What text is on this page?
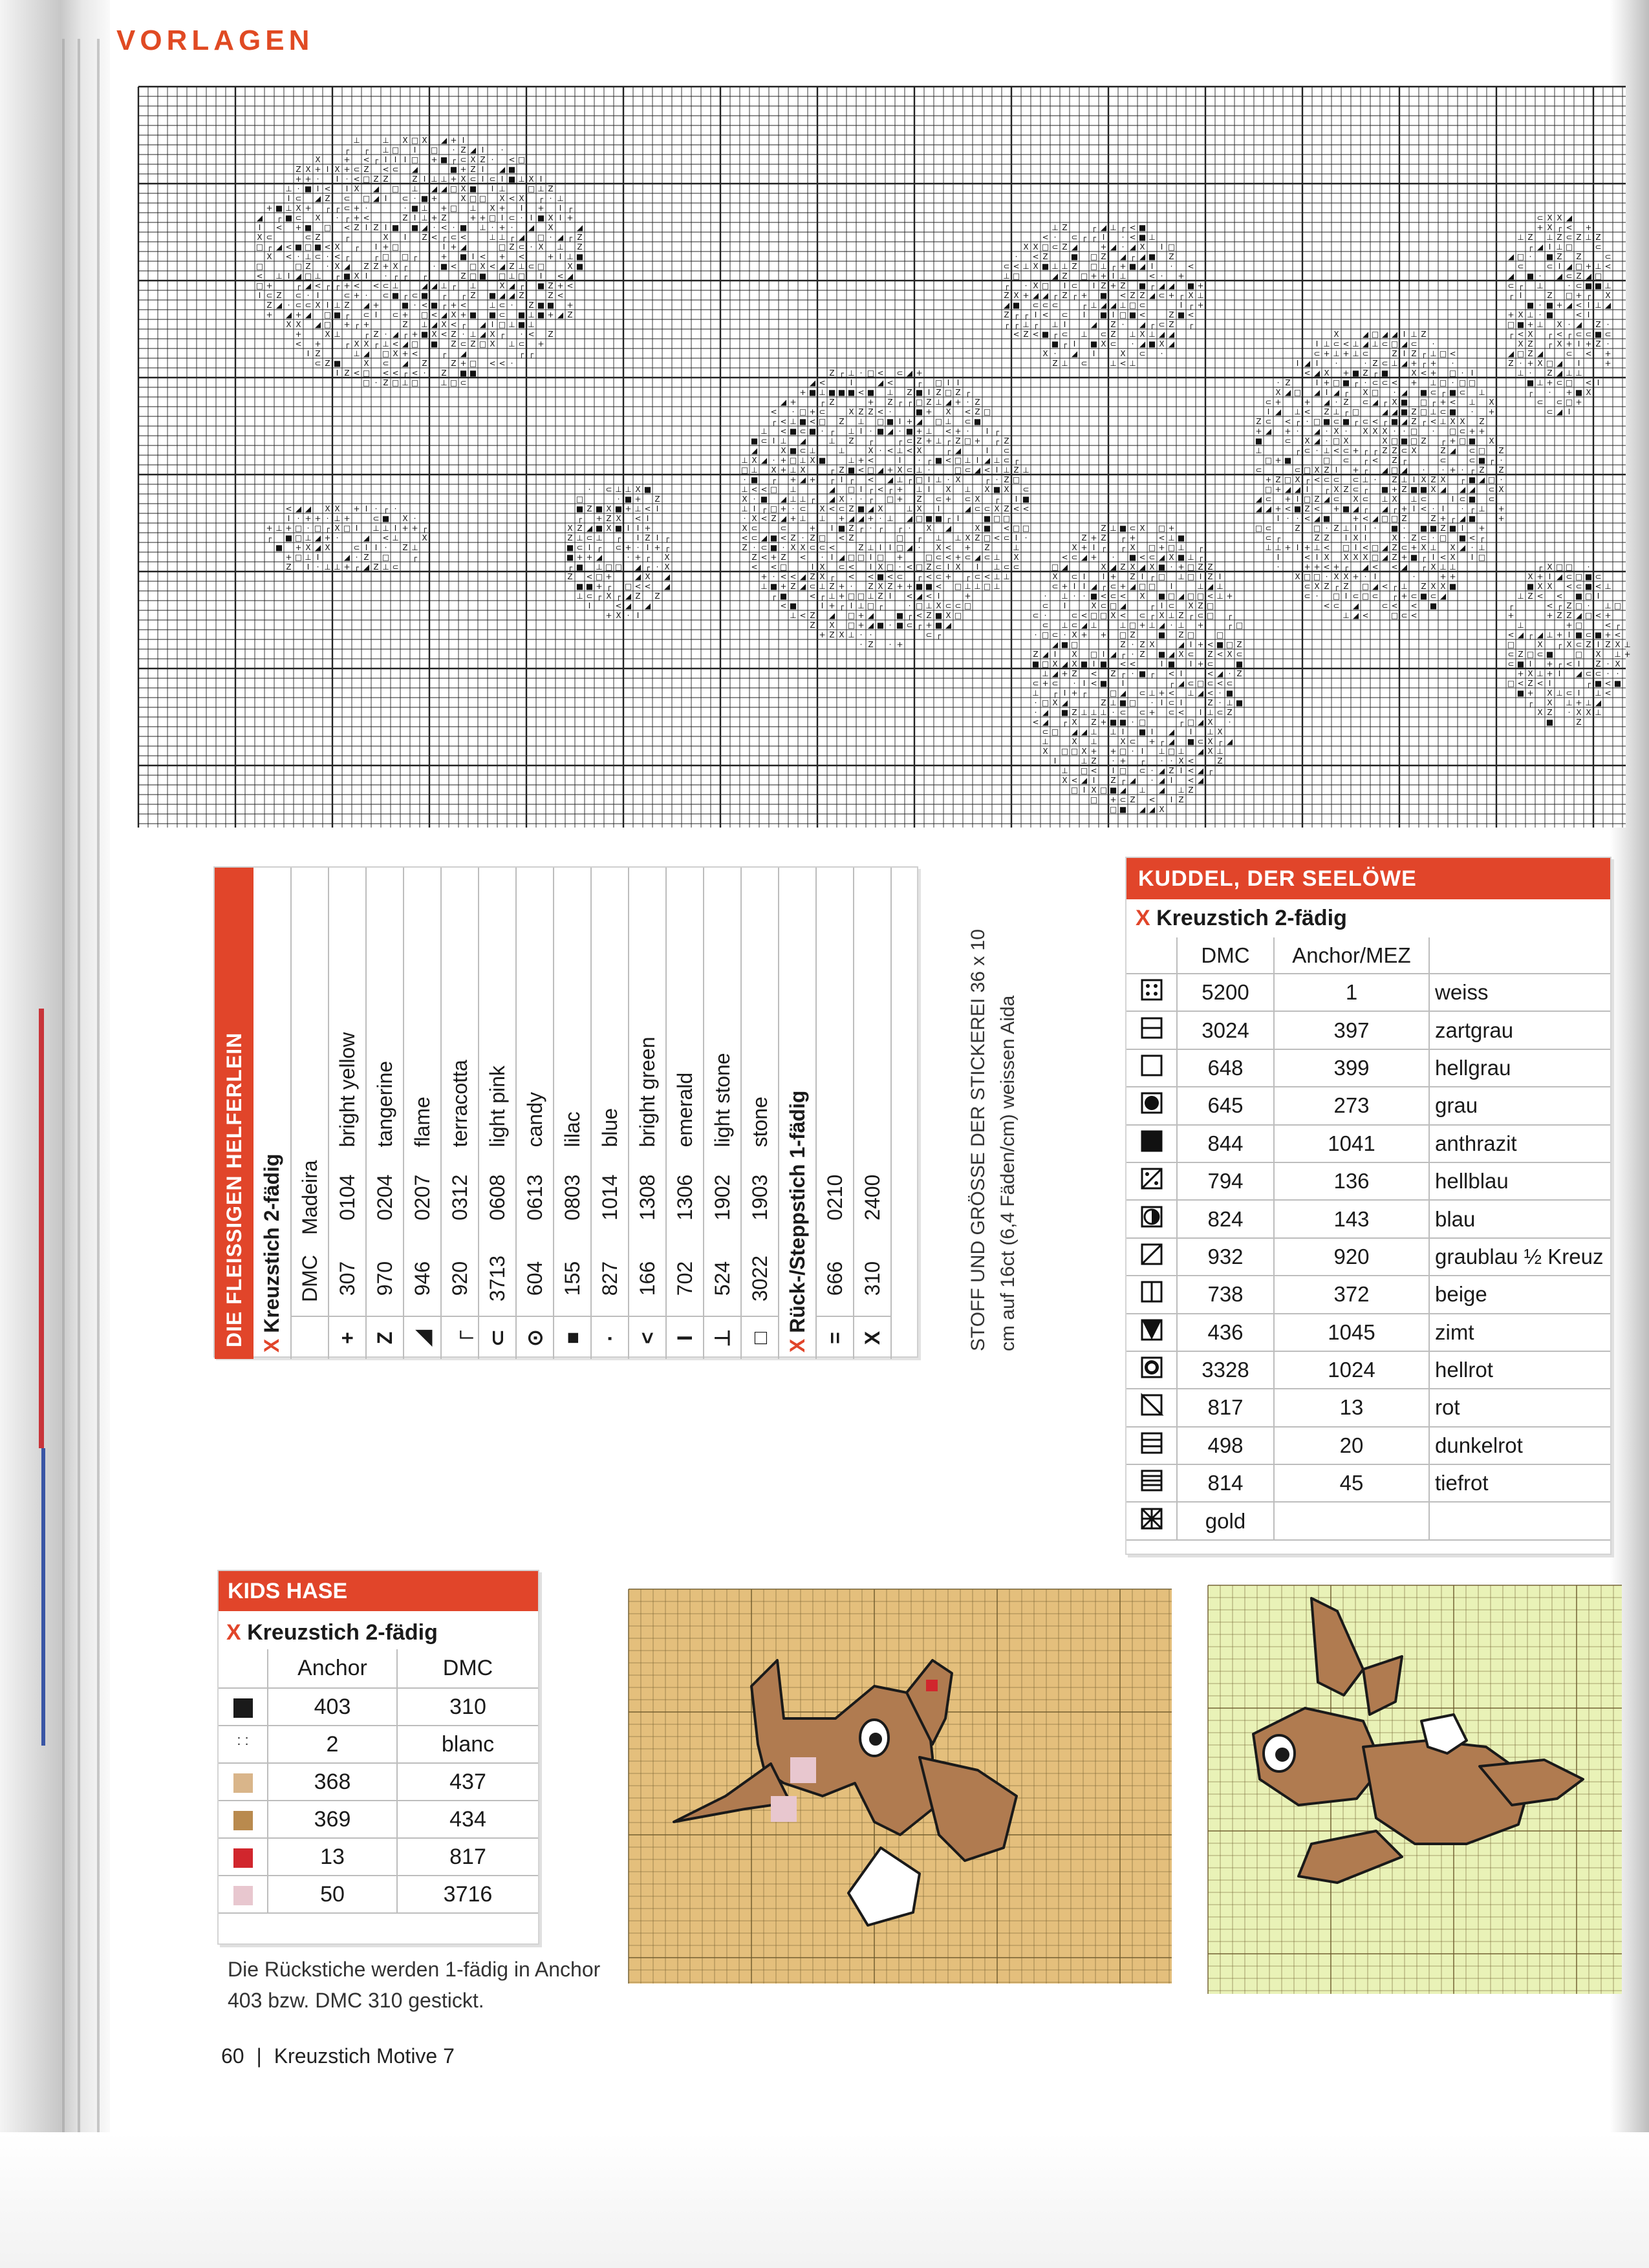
VORLAGEN
⊥	⊥ X □ X ◢ + I
┌ ┌ ⊥ □ I □ · Z ◢ I ·
X	+ < ┌ I I I □ + ■ ┌ ⊂ X Z · < □
Z X + I X + ⊂ Z < ⊂ ◢	■ + Z I ◢ ■
+ + · I · < □ Z Z	Z I ⊥ ⊥ + X ⊂ I ⊂ I ■ ⊥ X I
⊥ · ■ I < I X ◢ □ ⊥ ◢ ◢ □ X ■ I ⊥	□ ⊥ Z
I ⊂ ◢ Z ⊂ □ ◢ I ⊂ · ■ +	X □ □ X < X ┌ · ⊥
+ ■ ⊥ X + ┌ ┌ ⊂ + ·	· ■ ⊥ + □ ⊥ X + I + I ┌
◢ ┌ ■ ⊂ X · ┌ + <	Z I ⊥ + Z	+ + □ I ⊂ · I ■ X I +
I < + ■ □ < Z I Z I ■ ■ ◢ · < · ■ ⊥ · + · ◢ X	◢
X ⊂	⊂ Z	┌	X I Z < ┌ ⊂ <	⊥ ⊥ ┌ ◢ □ · ◢ ┌ Z
□ ┌ ◢ < ■ □ ■ < X ┌ I + □	I + ◢	□ Z ⊂ · X ⊥ Z
X < · ⊥ ⊂ · < ┌	┌ □ □ ┌	+ ■ I < + <	+ I ⊥ ■
□	□ Z · X ◢ Z Z + X ┌	· ■ < □ X < ◢ Z ⊥ ⊂ □	X ■
< ⊥ I ◢ □ ⊥ ┌ ■ X I · ┌ ┌ ┌	Z □ ■ □ ⊥ □ I < ◢
□ +	┌ ◢ < ┌ ┌ + < < ⊂ ⊥	◢ ◢ ⊥ ┌ ⊥	X ◢ ┌ ■ Z + <
I ⊂ Z ⊂ · I	⊂ + · ⊂ ■ ┌ ⊂ ■ ┌ ┌ Z ■ ◢ ◢ Z	Z <
Z ◢ · ⊂ ⊂ X I ⊥ Z ◢ +	■ · < ■ ┌ + <	⊥ ⊂ · Z ■ ■ +
+ ◢ + ◢ □ ■ ┌ ⊂ I ⊂ + □ < ◢ X + ■ ■ ⊂ ■ ⊥ ■ + ◢ Z
X X ◢ □ + ┌ +	Z ⊥ ◢ X < ┌ ◢ I □ ⊥ ■ ⊥
+	X ⊥	┌ Z · ◢ ┌ + ■ X < Z · ⊥ ◢ X ┌ · < Z
< +	┌ X X ┌ ⊥ < ◢ □ ■ Z ⊂ Z □ X ⊥ ⊂ +
I Z	⊥ ◢ □ X + <	┌ ◢	┌ ┌
⊂ Z ■	X ⊂ ◢ Z	Z + □ < < ·
I Z < □ < < ┌ < · Z ■ ■
□ · Z □ ⊥ □	⊥ □ ⊂
< ◢ ◢ X X + I · ┌ ·
I · + + · ⊥ +	⊂ ■ X ·
+ ⊥ + □ · □ ┌ X □ I ⊥ ⊥ I + + ┌
┌ ■ □ ⊥ ◢ + ·	◢ < ⊥	X
■ + X ◢ X	⊂ I I · Z ⊥
+ □ ⊥ I	◢ · Z □	┌
Z I · ⊥ ⊥ + ┌ ◢ Z ⊥ ⊂
· ⊂ ⊥ ⊥ X ■
□	· ■ + Z
■ Z ■ X ■ + ⊥ < I
┌ + Z X < I
X Z ◢ ■ X ■ I I +
Z ⊥ ⊂ ⊥ ┌ I Z I ┌
■ ⊂ I ┌ ⊂ + · I + ┌
■ + + ◢	· + ┌ X
┌ ■ ⊥ □ □ ◢ ┌ · X
Z < □ +	◢ X ◢
■ ■ + ┌ □ < < ◢
⊥ ⊂ ┌ X ┌ ◢ Z Z
I	< ◢ ◢
+ X · I
Z ┌ ⊥ · □ < ⊂ ◢ +
◢ <	I	◢ <	┌ □ I I
+ ■ ⊥ ■ ■ ■ < ■ ⊥ Z ■ I Z □ Z ┌
◢ +	┌ Z	+ Z ┌ ┌ □ Z ⊥ ◢ + · Z
< · □ + ⊂	X Z Z < ·	■ + X < Z □
┌ < ⊥ ■ < □ Z ⊥ □ ■ I + ◢ □ ⊥ ⊂ ■
⊥ < ■ ⊂ ■ · ┌ ⊥ I · ■ ◢ · ■ + ⊥ < + · I ┌
■ ⊂ I ⊥ ◢	⊥ Z ┌	┌ ⊂ Z + ⊥ ┌ Z □ + ┌ Z
◢	X ■ ⊂ ⊥	⊥	X · < ⊥ < X	┌ ◢	I ⊂
⊥ X ◢ · + □ ⊥ X ■	⊥ + <	I · ┌ ■ < □ ⊥ I ◢ ⊥ ⊂ ┌
□ ⊥ X + ⊥ X	┌ Z ■ < □ ◢ + X ⊂ ⊥ ·	□ ⊂ ◢ < I ⊥ Z ⊥
· ■ ┌ + ◢ + ┌ I ┌ < ◢ ⊥ ┌ □ I ⊥ · X	┌ · Z □
⊥ < < □ ⊥	◢ □ I ┌ < ┌ + ⊥ I X ⊥ X ■ X ⊂
X · ■ ◢ ⊥ ⊥ ┌ ◢ X · · ┌ □ + Z ⊂ + ⊂ X ┌ I ■
⊥ I ┌ □ + · ⊂ X < ⊂ Z ■ ◢ X	⊥ X I	◢ ⊂ ⊂ X Z < <
· X < Z ◢ + ⊥ ⊥ + ◢ ◢ + · ⊥ ◢ □ ■ ■ ┌ I	■ □ □
X ⊂	⊂	+ I ■ Z ┌ · ┌ ┌ · X ◢	X ■ < □ □
< ⊂ ◢ ■ < Z · Z □ < Z	□ ┌ ⊥ ⊥ X Z □ < ⊂ I ·
Z · ⊂ ■ · X X ⊂ ⊂ <	Z ⊥ I I □ ◢ · X < + Z	⊥
Z < + Z < · I ◢ □ □ I □ +	□ ⊂ < + ⊂ ◢ ⊂ ⊥ X
< < □	I X ⊂ < I X □ · < □ Z ⊂ I X I ⊥ ⊂ ⊂
+ · < < ◢ Z X ┌ < < ■ < ⊂ ┌ < ⊂ + ┌ ⊂ < ⊥ ⊥
⊥ ■ + Z ◢ ⊂ ⊥ Z + · Z X Z + + ■ ■ < □ ⊥ ⊥ □ ⊥
┌ ■	< ┌ ⊥ + □ □ ⊥ Z I < ◢ < I	+
< ■	I + ┌ I ⊥ □ ┌	· □ ⊥ X ⊂ ⊂ □
⊥ < Z ◢ □ + ◢	■ ┌ < Z ■ X □
Z X □ + ◢ ■ · ■ ⊂ ┌ + ■ ◢
+ Z X ⊥ · ·	⊂ ┌
· Z · +
⊥ Z	┌ ◢ ⊥ ┌ < ■
< · ⊂ ┌ ┌ I · < ■ ⊥
X X □ ⊂ Z ◢	+ ◢ · ◢ X I □
· < Z	■ □ Z ◢ ┌ ◢ ■ Z
⊂ < ⊥ X ■ ⊥ ⊥ Z □ ⊥ ┌ + ■ ◢ I · <
⊥ □	◢ Z □ + + I ⊥	< · +
┌ · X □ I ⊂ I Z + Z ■ ┌ ◢ ◢ ■ +
Z X + ◢ ◢ ┌ Z ┌ + ■ < Z Z ◢ ⊂ + ┌ X ⊥
◢ ■ ⊂ ⊂ ⊂	┌ ⊥ ◢ ◢ ⊥ □ ⊂	I ┌ +
Z ┌ ┌ I < ⊂ I ■ I □ ■ <	Z ■ <
┌ ┌ ⊥ ┌ ⊥ I	◢ Z · ◢ ┌ ⊂ Z ┌
< Z < ■ ┌ ⊂ ⊥ ⊂ Z ⊥ X ⊥ ◢ ◢
■ ┌ I ■ X ⊂ · ◢ ■ X ◢
X · ◢ I	X ⊂ ·
Z ⊥ ⊂	⊥ < ⊥
Z ⊥ ■ ⊂ X □ +
Z + Z ┌ +	< ⊥ ■
X + I ┌ ┌ X □ + □ ⊥ ┌
< ⊂ ◢ + · ■ < ⊂ ◢ X ■ ⊥ ┌
□ ◢	X ◢ Z X ◢ X ■ · + □ Z Z
X ⊂ I I + Z I ┌ □ ⊥ □ I Z I
⊂ + I I ◢ ┌ ⊂ + ◢ □ □ I	⊥ ◢ ⊥
· ⊥ · · ■ < ⊂ < X ■ □ ◢ □ □ < ⊥ +
⊂ I	X ⊂ □ ◢	┌ I ⊂ X Z □
⊂ ·	⊂ < □ □ X < ⊂ ┌ X ⊥ Z ┌ ⊂ □ ┌
⊂ ⊥ ⊂ ◢ ⊥	⊥ □ + ⊥ ◢ · ⊥ +	┌ □
· □ ⊂ · X + + □ Z	■ Z □	□
◢ ■ □	Z · Z X	◢ I + < ■ □ Z
Z ◢ I X □ I ◢ ┌ · Z ■ ◢ X ⊂ Z < X ⊂
■ □ X ◢ X ■ I ■ < <	I ■ I + ⊂	■
⊥ ◢ + Z < Z ┌ · ■ ┌ < I	< ◢ · Z
⊂ + ⊂ · I < ■ I	┌ ◢ ⊂ □ ⊂ < ⊂
⊥ ┌ I + ┌	□ ◢ ⊂ ⊥ + < ⊥ ◢ < · ■
· □ X ◢	Z ⊥ ■ □ · I ⊂ I	Z · ⊥ ■
· ◢ ■ Z ⊥ ⊥ ⊥ · ⊂ ⊂ + ⊂ < I ⊥ ⊂ Z
< ◢ ┌ X Z + ■ ■ · □	┌ □ ◢ X ·
⊂ □ ◢ ◢ ⊥ ⊥ I ■ I ◢ I ⊥ X
⊥	X ⊥	X ⊂ + ┌ ◢ ■ ⊂ X ┌ ◢
X □ □ X + + □ · I ⊥ □ ⊥ ◢ X ⊥
I	⊥ Z · + ┌ · · X <	Z
⊥ □ < I □ ⊂ · ◢ Z I < ◢ ┌
X < ◢ I Z ┌ ◢ · ◢ I < ◢
□ I X □ ■ ◢ ⊥ ◢ ⊥ Z
□ + ⊂ Z < I Z
□ ■ ◢ ◢ X
X	◢ □ ◢ ◢ I ⊥ Z
I ⊥ ⊂ < ⊥ ◢ ⊥ ⊂ □ ◢ ⊂ ·
⊂ + ⊥ + ⊥ ⊂	Z I Z ┌ ⊥ □ <
I ◢ I ·	· Z ⊂ ⊥ ◢ + ┌ + ·
< ◢ X + ■ Z ┌ ■	X < + □ · I
· Z	I + □ ■ ┌ · ⊂ ⊂ < + ⊥ □ · □ □
X ◢ □ ◢ I ◢ ┌ X □ · ◢ ■ ⊂ ┌ ■ ⊂ ⊥
⊂ +	+ ◢ · Z ⊂ ◢ ┌ X ■ □ ┌ + < ⊥ X
I ◢ ⊥ < Z ⊥ ┌ □	◢ ◢ ■ Z □ ⊥ ⊂ ■ · +
Z ⊂ < ┌ · □ ■ ⊂ ■ ┌ ⊂ < ┌ ■ ◢ Z ┌ < ⊥ X X Z
+ ◢ + · ◢ · X · X X X · · □ · □ ⊂ + +
■	⊂ X ◢ · □ X	X □ ■ □ Z ┌ + □ ■ X
⊥	┌ ⊂ · ⊥ < ⊂ + ┌ ┌ Z Z ⊂ X	Z ◢ ⊂ □ Z
□ + ■	□ ⊂ ┌ < Z ┌	⊂	⊂ ■ ┌ ·
⊂	⊂ □ X Z I + ┌ ◢ □ ◢ · · + · ┌ Z Z
+ Z □ X ┌ < ⊂ ⊂ ⊂ ⊥ · Z ⊥ I X Z X ┌ ■ ◢ □ ·
□ + ◢ ◢ I ┌ X Z ⊂ ┌ ■ + Z ■ ■ X ◢ ◢ ◢ ⊂ X
◢ ⊂ + I □ Z ◢ ⊂ X ⊂ ⊥ X ⊥ ⊂	I ⊂ ■ ⊂
◢ ◢ + < ■ Z < + ■ ◢ ┌ ◢ ┌ + I < · I · ┌ ⊥ +
I · · < ◢ ■	+ < ◢ □ □ Z	Z + ┌ ◢ ■	+
□ ⊂	Z □ · Z ⊥ I I · ■ · ■ ■ Z ■ I +
⊂ ┌	Z Z I X I	X · Z ⊂ · □ ■ < ┌
⊥ ⊥ + I + ⊥ < □ I < □ ◢ Z ⊂ + X ⊥ X ◢ · ⊥
I	< I X X X X □ ◢ Z + ■ ┌ I < X I □
·	+ + < + ┌ ◢ < < ◢ ┌ X ⊥ ⊥
X □ □ · X X + · I	·	+ +
⊂ X Z ┌ Z □ ◢ < ┌ ⊥ Z X X ■
⊂ · □ I ⊂ □ ⊂ ┌ + ⊂ ■ ⊂ ◢
< ⊂ ◢	⊂ < < ■
⊥ ◢ <	□ ⊂ <
⊂ X X ◢
+ X ┌ < +
⊥ Z ⊥ Z ⊂ Z ⊥ Z
┌ ◢ I ⊥ □	⊂
◢ □ · ■ Z Z	⊂
⊂	⊂ I ◢ □ + ⊥ <
◢ ■ · ◢ ⊂ Z ◢ □
⊂ ┌ ⊥	· ⊂ ■ ■ ⊥
┌ I	Z □ + ┌ X
■ · ■ + ◢ < I ⊥ ◢
+ X ⊥ · ■	< I
□ ■ + ⊥ X · ◢ Z ·
┌ < X ┌ < ┌ ⊂ ⊂ ■ ⊂
X Z ┌ X + I + Z ·
◢ □ Z ◢	⊂ < +
Z · + X □ ◢ I	+
⊥ · Z ◢ ⊥ ⊥
■ ⊥ + ⊂ □ < I
┌ · + ■ X
⊂ ⊂ □ +
⊂ ◢ I
┌ X □ □ ·
X + I ◢ ⊂ □ ■ ⊂
■ X X < ⊂ ■ < ⊥
⊥ Z < < ■ □ I
┌	< ┌ Z □ · ⊥ □
+	+ Z Z ◢ □ < +
⊥	+ □	< ┌
< ◢ ┌ ◢ ⊥ + I ■ ⊂ ■ + <
□	X ┌ X ⊂ Z I Z X ⊥
⊂ Z □ ⊂ ■	□ X ⊥ +
⊂ ■ I + ┌ < I Z · X
+ X ⊥ + I ◢ ⊂ ⊂ · ·
□ < Z < I	┌ ■ < ■
■ + X ⊥ ⊂ I ⊥ <
┌ X ⊥ + ⊥ ◢
X Z · X X ⊥
■	Z
DIE FLEISSIGEN HELFERLEIN X Kreuzstich 2-fädig			
	DMC	Madeira	
+	307	0104	bright yellow
Z	970	0204	tangerine
◢	946	0207	flame
┌	920	0312	terracotta
⊂	3713	0608	light pink
⊙	604	0613	candy
■	155	0803	lilac
·	827	1014	blue
<	166	1308	bright green
I	702	1306	emerald
⊥	524	1902	light stone
□	3022	1903	stone
X Rück-/Steppstich 1-fädig			
=	666	0210	
X	310	2400		STOFF UND GRÖSSE DER STICKEREI 36 x 10 cm auf 16ct (6,4 Fäden/cm) weissen Aida
KUDDEL, DER SEELÖWE
X Kreuzstich 2-fädig
	DMC	Anchor/MEZ	
	5200	1	weiss
	3024	397	zartgrau
	648	399	hellgrau
	645	273	grau
	844	1041	anthrazit
	794	136	hellblau
	824	143	blau
	932	920	graublau ½ Kreuz
	738	372	beige
	436	1045	zimt
	3328	1024	hellrot
	817	13	rot
	498	20	dunkelrot
	814	45	tiefrot
	gold		
KIDS HASE
X Kreuzstich 2-fädig
	Anchor	DMC
	403	310
: :	2	blanc
	368	437
	369	434
	13	817
	50	3716
Die Rückstiche werden 1-fädig in Anchor 403 bzw. DMC 310 gestickt.
60 | Kreuzstich Motive 7
